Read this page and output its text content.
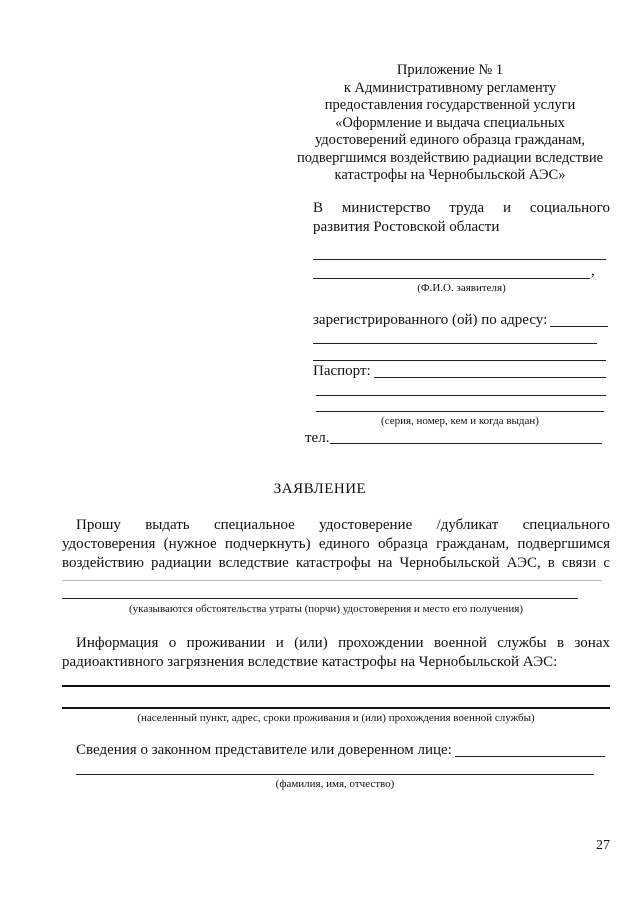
Приложение № 1
к Административному регламенту
предоставления государственной услуги
«Оформление и выдача специальных
удостоверений единого образца гражданам,
подвергшимся воздействию радиации вследствие
катастрофы на Чернобыльской АЭС»
В министерство труда и социального
развития Ростовской области
,
(Ф.И.О. заявителя)
зарегистрированного (ой) по адресу:
Паспорт:
(серия, номер, кем и когда выдан)
тел.
ЗАЯВЛЕНИЕ
Прошу выдать специальное удостоверение /дубликат специального
удостоверения (нужное подчеркнуть) единого образца гражданам, подвергшимся
воздействию радиации вследствие катастрофы на Чернобыльской АЭС, в связи с
(указываются обстоятельства утраты (порчи) удостоверения и место его получения)
Информация о проживании и (или) прохождении военной службы в зонах
радиоактивного загрязнения вследствие катастрофы на Чернобыльской АЭС:
(населенный пункт, адрес, сроки проживания и (или) прохождения военной службы)
Сведения о законном представителе или доверенном лице:
(фамилия, имя, отчество)
27
